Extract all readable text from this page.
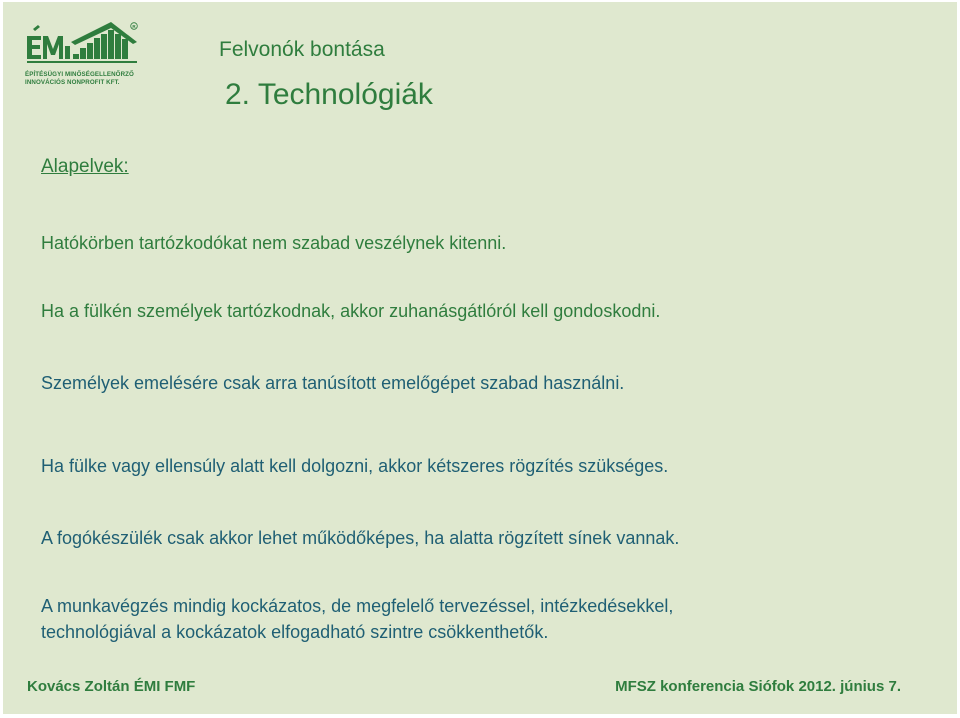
R
ÉPÍTÉSÜGYI MINŐSÉGELLENŐRZŐ
INNOVÁCIÓS NONPROFIT KFT.
Felvonók bontása
2. Technológiák
Alapelvek:
Hatókörben tartózkodókat nem szabad veszélynek kitenni.
Ha a fülkén személyek tartózkodnak, akkor zuhanásgátlóról kell gondoskodni.
Személyek emelésére csak arra tanúsított emelőgépet szabad használni.
Ha fülke vagy ellensúly alatt kell dolgozni, akkor kétszeres rögzítés szükséges.
A fogókészülék csak akkor lehet működőképes, ha alatta rögzített sínek vannak.
A munkavégzés mindig kockázatos, de megfelelő tervezéssel, intézkedésekkel,
technológiával a kockázatok elfogadható szintre csökkenthetők.
Kovács Zoltán ÉMI FMF	MFSZ konferencia Siófok 2012. június 7.
